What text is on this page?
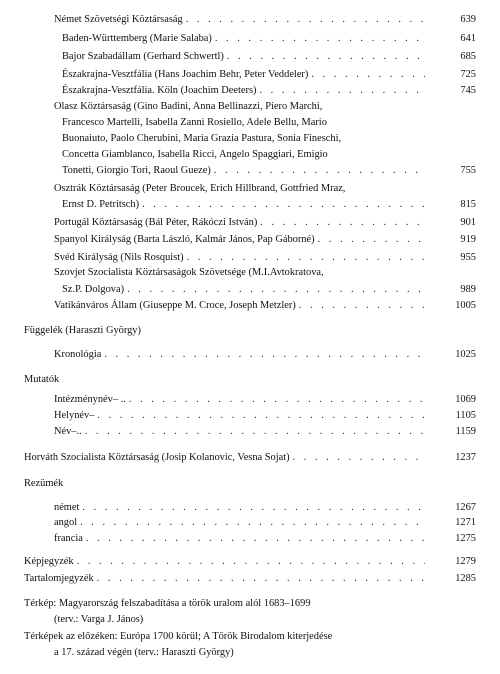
Német Szövetségi Köztársaság . . .	639
Baden-Württemberg (Marie Salaba) . . .	641
Bajor Szabadállam (Gerhard Schwertl) . . .	685
Északrajna-Vesztfália (Hans Joachim Behr, Peter Veddeler) . . .	725
Északrajna-Vesztfália. Köln (Joachim Deeters) . . .	745
Olasz Köztársaság (Gino Badini, Anna Bellinazzi, Piero Marchi,
Francesco Martelli, Isabella Zanni Rosiello, Adele Bellu, Mario
Buonaiuto, Paolo Cherubini, Maria Grazia Pastura, Sonia Fineschi,
Concetta Giamblanco, Isabella Ricci, Angelo Spaggiari, Emigio
Tonetti, Giorgio Tori, Raoul Gueze) . . .	755
Osztrák Köztársaság (Peter Broucek, Erich Hillbrand, Gottfried Mraz,
Ernst D. Petritsch) . . .	815
Portugál Köztársaság (Bál Péter, Rákóczi István) . . .	901
Spanyol Királyság (Barta László, Kalmár János, Pap Gáborné) . . .	919
Svéd Királyság (Nils Rosquist) . . .	955
Szovjet Szocialista Köztársaságok Szövetsége (M.I.Avtokratova,
Sz.P. Dolgova) . . .	989
Vatikánváros Állam (Giuseppe M. Croce, Joseph Metzler) . . .	1005
Függelék (Haraszti György)
Kronológia . . .	1025
Mutatók
Intézménynév– .. . . .	1069
Helynév– . . .	1105
Név–.. . . .	1159
Horváth Szocialista Köztársaság (Josip Kolanovic, Vesna Sojat) . . .	1237
Rezümék
német . . .	1267
angol . . .	1271
francia . . .	1275
Képjegyzék . . .	1279
Tartalomjegyzék . . .	1285
Térkép: Magyarország felszabadítása a török uralom alól 1683–1699
(terv.: Varga J. János)
Térképek az előzéken: Európa 1700 körül; A Török Birodalom kiterjedése
a 17. század végén (terv.: Haraszti György)
